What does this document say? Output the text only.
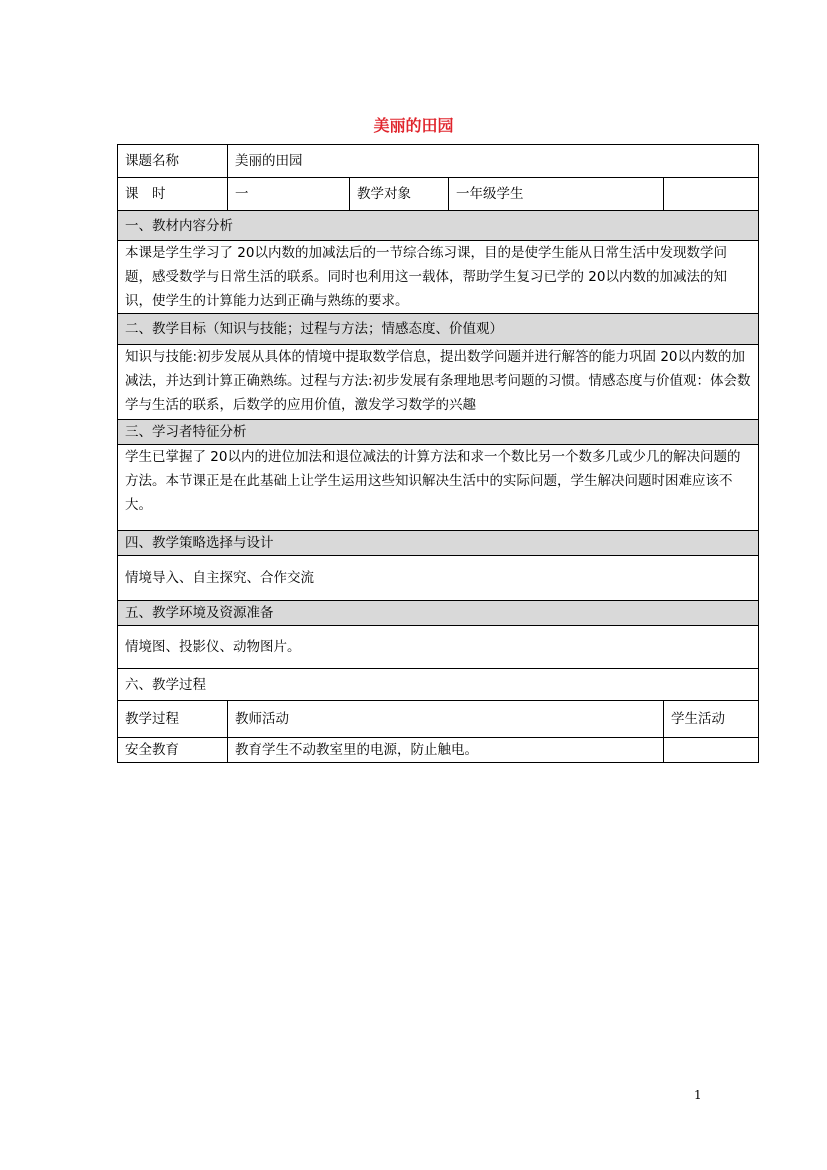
美丽的田园
课题名称	美丽的田园			
课　时	一	教学对象	一年级学生	
一、教材内容分析				
本课是学生学习了 20以内数的加减法后的一节综合练习课，目的是使学生能从日常生活中发现数学问题，感受数学与日常生活的联系。同时也利用这一载体，帮助学生复习已学的 20以内数的加减法的知识，使学生的计算能力达到正确与熟练的要求。				
二、教学目标（知识与技能；过程与方法；情感态度、价值观）				
知识与技能:初步发展从具体的情境中提取数学信息，提出数学问题并进行解答的能力巩固 20以内数的加减法，并达到计算正确熟练。过程与方法:初步发展有条理地思考问题的习惯。情感态度与价值观：体会数学与生活的联系，后数学的应用价值，激发学习数学的兴趣				
三、学习者特征分析				
学生已掌握了 20以内的进位加法和退位减法的计算方法和求一个数比另一个数多几或少几的解决问题的方法。本节课正是在此基础上让学生运用这些知识解决生活中的实际问题，学生解决问题时困难应该不大。				
四、教学策略选择与设计				
情境导入、自主探究、合作交流				
五、教学环境及资源准备				
情境图、投影仪、动物图片。				
六、教学过程				
教学过程	教师活动			学生活动
安全教育	教育学生不动教室里的电源，防止触电。			
1
